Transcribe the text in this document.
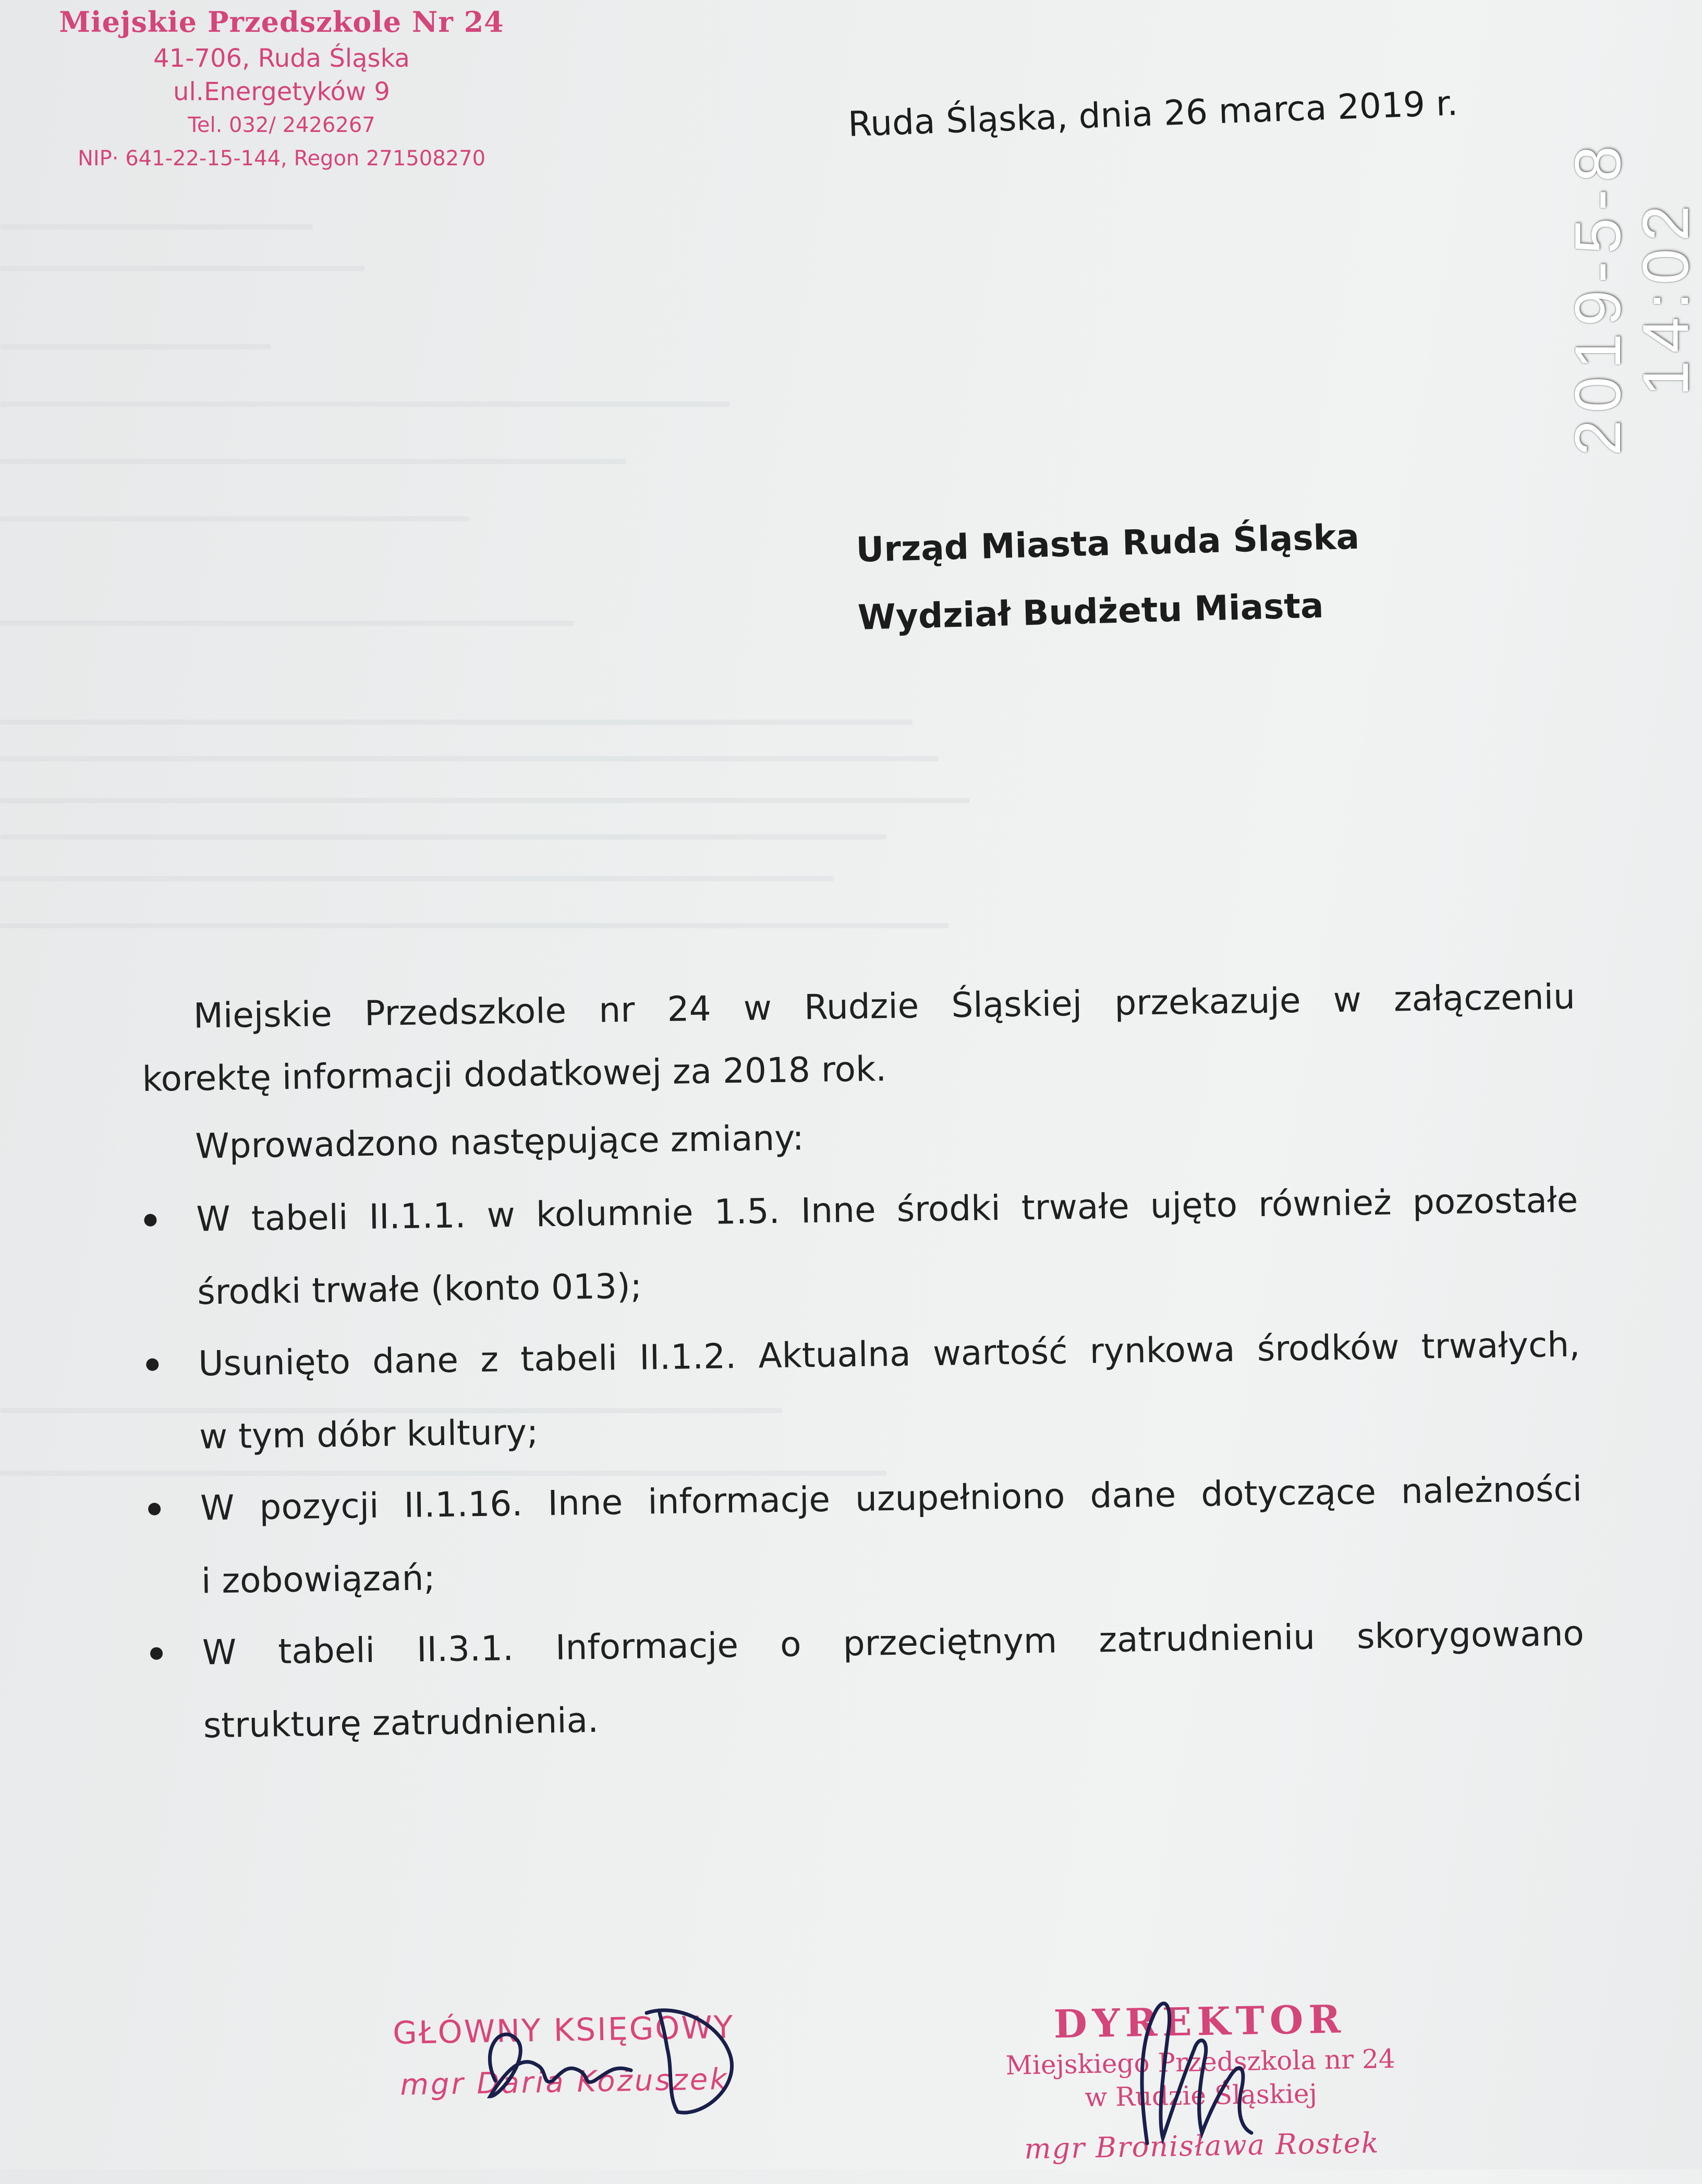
Miejskie Przedszkole Nr 24
41-706, Ruda Śląska
ul.Energetyków 9
Tel. 032/ 2426267
NIP· 641-22-15-144, Regon 271508270
Ruda Śląska, dnia 26 marca 2019 r.
2019-5-8 14:02
Urząd Miasta Ruda Śląska
Wydział Budżetu Miasta

Miejskie Przedszkole nr 24 w Rudzie Śląskiej przekazuje w załączeniu

korektę informacji dodatkowej za 2018 rok.

Wprowadzono następujące zmiany:

W tabeli II.1.1. w kolumnie 1.5. Inne środki trwałe ujęto również pozostałe
środki trwałe (konto 013);
Usunięto dane z tabeli II.1.2. Aktualna wartość rynkowa środków trwałych,
w tym dóbr kultury;
W pozycji II.1.16. Inne informacje uzupełniono dane dotyczące należności
i zobowiązań;
W tabeli II.3.1. Informacje o przeciętnym zatrudnieniu skorygowano
strukturę zatrudnienia.
GŁÓWNY KSIĘGOWY
mgr Daria Kożuszek
DYREKTOR
Miejskiego Przedszkola nr 24
w Rudzie Śląskiej
mgr Bronisława Rostek
